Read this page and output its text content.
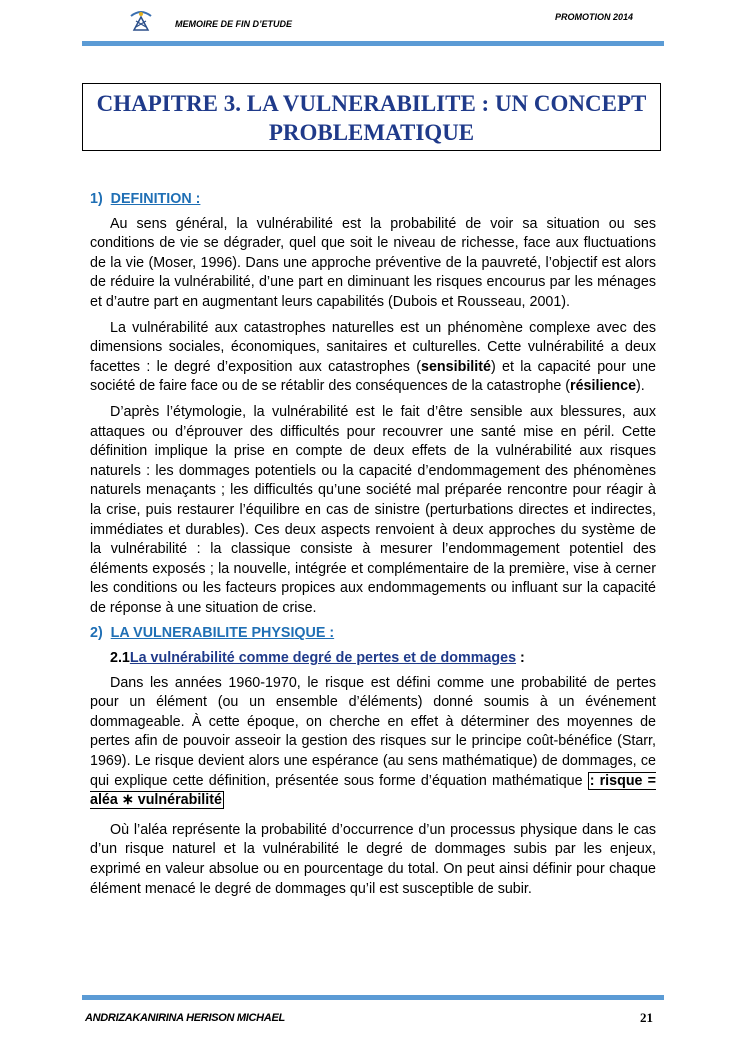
MEMOIRE DE FIN D’ETUDE
PROMOTION 2014
CHAPITRE 3. LA VULNERABILITE : UN CONCEPT
PROBLEMATIQUE
1) DEFINITION :

Au sens général, la vulnérabilité est la probabilité de voir sa situation ou ses conditions de vie se dégrader, quel que soit le niveau de richesse, face aux fluctuations de la vie (Moser, 1996). Dans une approche préventive de la pauvreté, l’objectif est alors de réduire la vulnérabilité, d’une part en diminuant les risques encourus par les ménages et d’autre part en augmentant leurs capabilités (Dubois et Rousseau, 2001).

La vulnérabilité aux catastrophes naturelles est un phénomène complexe avec des dimensions sociales, économiques, sanitaires et culturelles. Cette vulnérabilité a deux facettes : le degré d’exposition aux catastrophes (sensibilité) et la capacité pour une société de faire face ou de se rétablir des conséquences de la catastrophe (résilience).

D’après l’étymologie, la vulnérabilité est le fait d’être sensible aux blessures, aux attaques ou d’éprouver des difficultés pour recouvrer une santé mise en péril. Cette définition implique la prise en compte de deux effets de la vulnérabilité aux risques naturels : les dommages potentiels ou la capacité d’endommagement des phénomènes naturels menaçants ; les difficultés qu’une société mal préparée rencontre pour réagir à la crise, puis restaurer l’équilibre en cas de sinistre (perturbations directes et indirectes, immédiates et durables). Ces deux aspects renvoient à deux approches du système de la vulnérabilité : la classique consiste à mesurer l’endommagement potentiel des éléments exposés ; la nouvelle, intégrée et complémentaire de la première, vise à cerner les conditions ou les facteurs propices aux endommagements ou influant sur la capacité de réponse à une situation de crise.

2) LA VULNERABILITE PHYSIQUE :
2.1La vulnérabilité comme degré de pertes et de dommages :

Dans les années 1960-1970, le risque est défini comme une probabilité de pertes pour un élément (ou un ensemble d’éléments) donné soumis à un événement dommageable. À cette époque, on cherche en effet à déterminer des moyennes de pertes afin de pouvoir asseoir la gestion des risques sur le principe coût-bénéfice (Starr, 1969). Le risque devient alors une espérance (au sens mathématique) de dommages, ce qui explique cette définition, présentée sous forme d’équation mathématique : risque = aléa ∗ vulnérabilité

Où l’aléa représente la probabilité d’occurrence d’un processus physique dans le cas d’un risque naturel et la vulnérabilité le degré de dommages subis par les enjeux, exprimé en valeur absolue ou en pourcentage du total. On peut ainsi définir pour chaque élément menacé le degré de dommages qu’il est susceptible de subir.

ANDRIZAKANIRINA HERISON MICHAEL	21
